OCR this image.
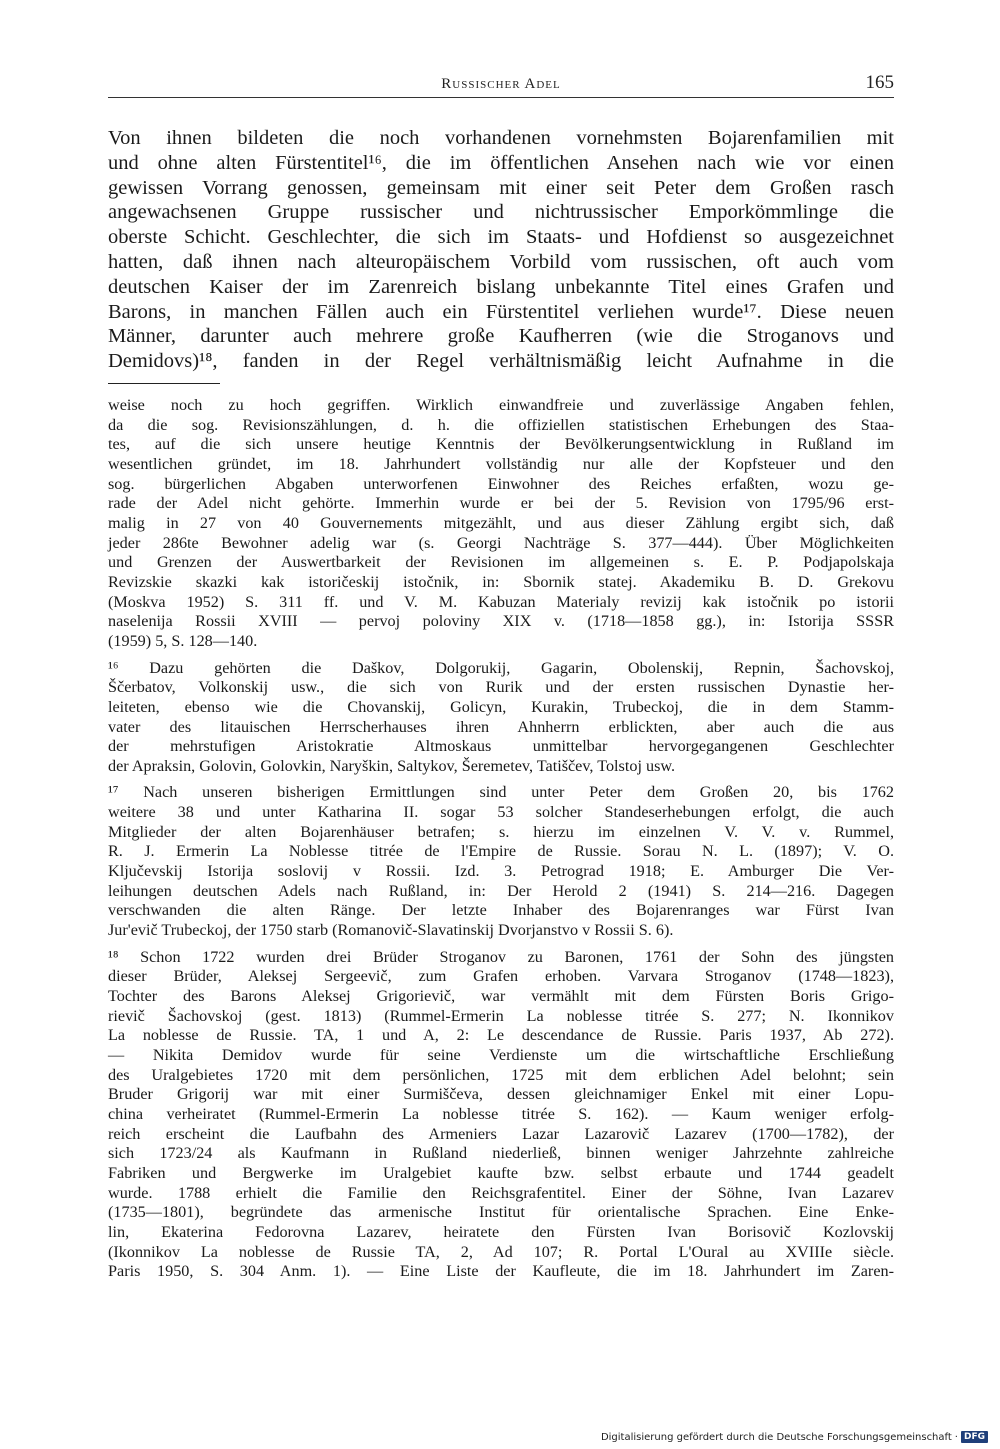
Russischer Adel	165
Von ihnen bildeten die noch vorhandenen vornehmsten Bojarenfamilien mit
und ohne alten Fürstentitel¹⁶, die im öffentlichen Ansehen nach wie vor einen
gewissen Vorrang genossen, gemeinsam mit einer seit Peter dem Großen rasch
angewachsenen Gruppe russischer und nichtrussischer Emporkömmlinge die
oberste Schicht. Geschlechter, die sich im Staats- und Hofdienst so ausgezeichnet
hatten, daß ihnen nach alteuropäischem Vorbild vom russischen, oft auch vom
deutschen Kaiser der im Zarenreich bislang unbekannte Titel eines Grafen und
Barons, in manchen Fällen auch ein Fürstentitel verliehen wurde¹⁷. Diese neuen
Männer, darunter auch mehrere große Kaufherren (wie die Stroganovs und
Demidovs)¹⁸, fanden in der Regel verhältnismäßig leicht Aufnahme in die
weise noch zu hoch gegriffen. Wirklich einwandfreie und zuverlässige Angaben fehlen,
da die sog. Revisionszählungen, d. h. die offiziellen statistischen Erhebungen des Staa-
tes, auf die sich unsere heutige Kenntnis der Bevölkerungsentwicklung in Rußland im
wesentlichen gründet, im 18. Jahrhundert vollständig nur alle der Kopfsteuer und den
sog. bürgerlichen Abgaben unterworfenen Einwohner des Reiches erfaßten, wozu ge-
rade der Adel nicht gehörte. Immerhin wurde er bei der 5. Revision von 1795/96 erst-
malig in 27 von 40 Gouvernements mitgezählt, und aus dieser Zählung ergibt sich, daß
jeder 286te Bewohner adelig war (s. Georgi Nachträge S. 377—444). Über Möglichkeiten
und Grenzen der Auswertbarkeit der Revisionen im allgemeinen s. E. P. Podjapolskaja
Revizskie skazki kak istoričeskij istočnik, in: Sbornik statej. Akademiku B. D. Grekovu
(Moskva 1952) S. 311 ff. und V. M. Kabuzan Materialy revizij kak istočnik po istorii
naselenija Rossii XVIII — pervoj poloviny XIX v. (1718—1858 gg.), in: Istorija SSSR
(1959) 5, S. 128—140.
¹⁶ Dazu gehörten die Daškov, Dolgorukij, Gagarin, Obolenskij, Repnin, Šachovskoj,
Ščerbatov, Volkonskij usw., die sich von Rurik und der ersten russischen Dynastie her-
leiteten, ebenso wie die Chovanskij, Golicyn, Kurakin, Trubeckoj, die in dem Stamm-
vater des litauischen Herrscherhauses ihren Ahnherrn erblickten, aber auch die aus
der mehrstufigen Aristokratie Altmoskaus unmittelbar hervorgegangenen Geschlechter
der Apraksin, Golovin, Golovkin, Naryškin, Saltykov, Šeremetev, Tatiščev, Tolstoj usw.
¹⁷ Nach unseren bisherigen Ermittlungen sind unter Peter dem Großen 20, bis 1762
weitere 38 und unter Katharina II. sogar 53 solcher Standeserhebungen erfolgt, die auch
Mitglieder der alten Bojarenhäuser betrafen; s. hierzu im einzelnen V. V. v. Rummel,
R. J. Ermerin La Noblesse titrée de l'Empire de Russie. Sorau N. L. (1897); V. O.
Ključevskij Istorija soslovij v Rossii. Izd. 3. Petrograd 1918; E. Amburger Die Ver-
leihungen deutschen Adels nach Rußland, in: Der Herold 2 (1941) S. 214—216. Dagegen
verschwanden die alten Ränge. Der letzte Inhaber des Bojarenranges war Fürst Ivan
Jur'evič Trubeckoj, der 1750 starb (Romanovič-Slavatinskij Dvorjanstvo v Rossii S. 6).
¹⁸ Schon 1722 wurden drei Brüder Stroganov zu Baronen, 1761 der Sohn des jüngsten
dieser Brüder, Aleksej Sergeevič, zum Grafen erhoben. Varvara Stroganov (1748—1823),
Tochter des Barons Aleksej Grigorievič, war vermählt mit dem Fürsten Boris Grigo-
rievič Šachovskoj (gest. 1813) (Rummel-Ermerin La noblesse titrée S. 277; N. Ikonnikov
La noblesse de Russie. TA, 1 und A, 2: Le descendance de Russie. Paris 1937, Ab 272).
— Nikita Demidov wurde für seine Verdienste um die wirtschaftliche Erschließung
des Uralgebietes 1720 mit dem persönlichen, 1725 mit dem erblichen Adel belohnt; sein
Bruder Grigorij war mit einer Surmiščeva, dessen gleichnamiger Enkel mit einer Lopu-
china verheiratet (Rummel-Ermerin La noblesse titrée S. 162). — Kaum weniger erfolg-
reich erscheint die Laufbahn des Armeniers Lazar Lazarovič Lazarev (1700—1782), der
sich 1723/24 als Kaufmann in Rußland niederließ, binnen weniger Jahrzehnte zahlreiche
Fabriken und Bergwerke im Uralgebiet kaufte bzw. selbst erbaute und 1744 geadelt
wurde. 1788 erhielt die Familie den Reichsgrafentitel. Einer der Söhne, Ivan Lazarev
(1735—1801), begründete das armenische Institut für orientalische Sprachen. Eine Enke-
lin, Ekaterina Fedorovna Lazarev, heiratete den Fürsten Ivan Borisovič Kozlovskij
(Ikonnikov La noblesse de Russie TA, 2, Ad 107; R. Portal L'Oural au XVIIIe siècle.
Paris 1950, S. 304 Anm. 1). — Eine Liste der Kaufleute, die im 18. Jahrhundert im Zaren-
Digitalisierung gefördert durch die Deutsche Forschungsgemeinschaft · DFG
